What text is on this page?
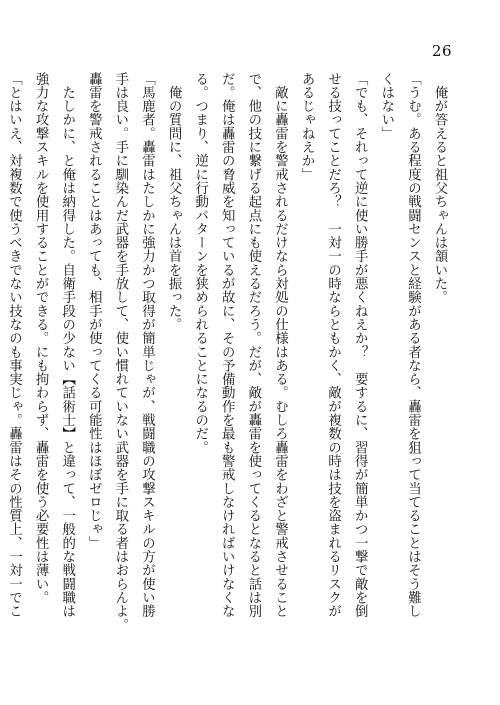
26

　俺が答えると祖父ちゃんは頷いた。

「うむ。ある程度の戦闘センスと経験がある者なら、轟雷を狙って当てることはそう難し

くはない」

「でも、それって逆に使い勝手が悪くねえか？　要するに、習得が簡単かつ一撃で敵を倒

せる技ってことだろ？　一対一の時ならともかく、敵が複数の時は技を盗まれるリスクが

あるじゃねえか」

　敵に轟雷を警戒されるだけなら対処の仕様はある。むしろ轟雷をわざと警戒させること

で、他の技に繋げる起点にも使えるだろう。だが、敵が轟雷を使ってくるとなると話は別

だ。俺は轟雷の脅威を知っているが故に、その予備動作を最も警戒しなければいけなくな

る。つまり、逆に行動パターンを狭められることになるのだ。

　俺の質問に、祖父ちゃんは首を振った。

「馬鹿者。轟雷はたしかに強力かつ取得が簡単じゃが、戦闘職の攻撃スキルの方が使い勝

手は良い。手に馴染んだ武器を手放して、使い慣れていない武器を手に取る者はおらんよ。

轟雷を警戒されることはあっても、相手が使ってくる可能性はほぼゼロじゃ」

　たしかに、と俺は納得した。自衛手段の少ない【話術士】と違って、一般的な戦闘職は

強力な攻撃スキルを使用することができる。にも拘わらず、轟雷を使う必要性は薄い。

「とはいえ、対複数で使うべきでない技なのも事実じゃ。轟雷はその性質上、一対一でこ
